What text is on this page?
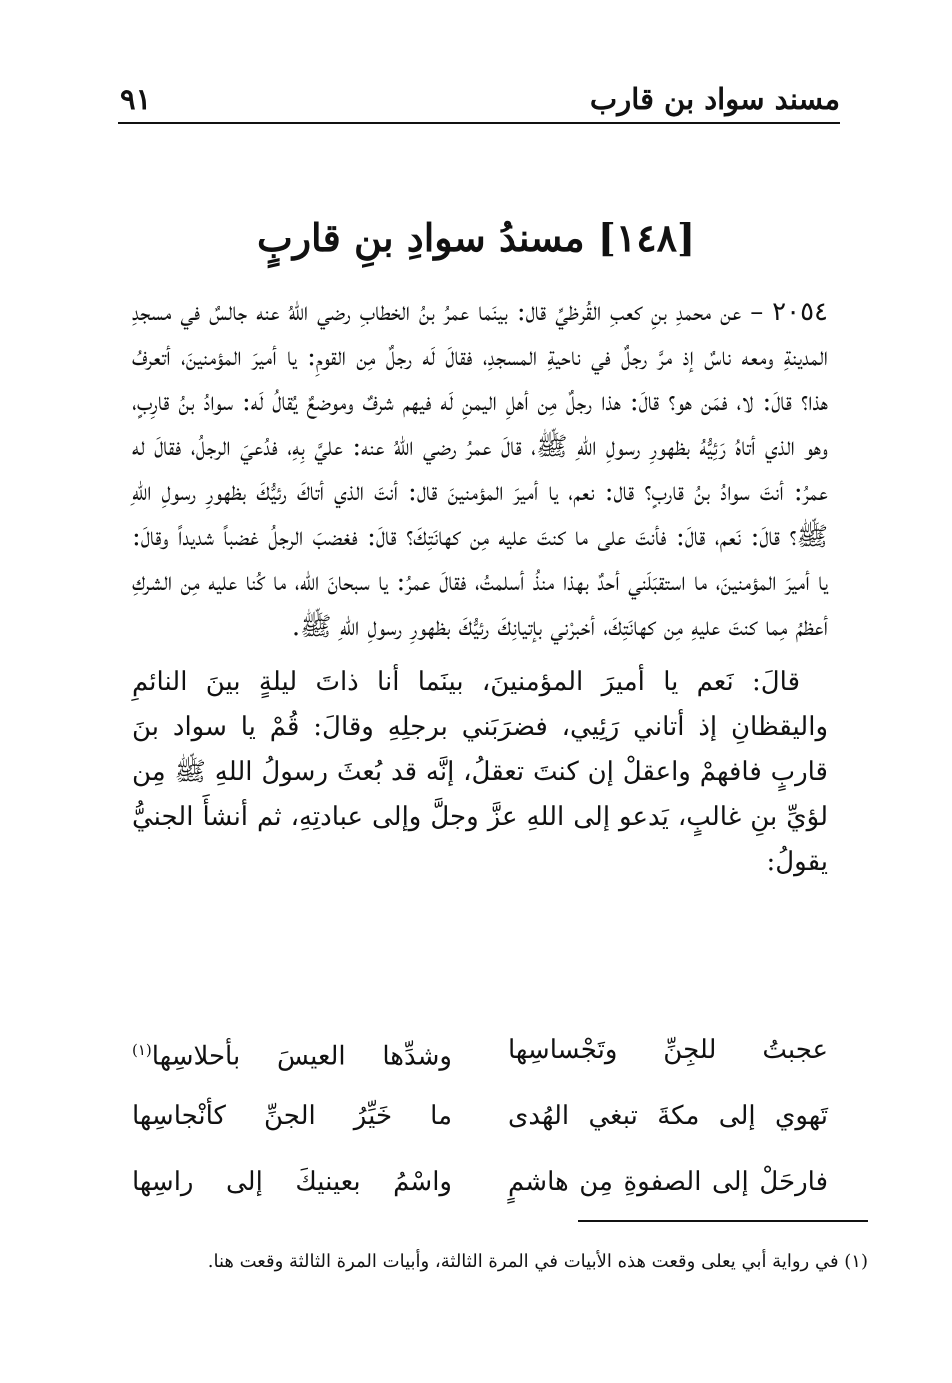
مسند سواد بن قارب
٩١
[١٤٨] مسندُ سوادِ بنِ قاربٍ

٢٠٥٤ – عن محمدِ بنِ كعبِ القُرظيِّ قال: بينَما عمرُ بنُ الخطابِ رضي اللهُ عنه جالسٌ في مسجدِ المدينةِ ومعه ناسٌ إذ مرَّ رجلٌ في ناحيةِ المسجدِ، فقالَ لَه رجلٌ مِن القومِ: يا أميرَ المؤمنينَ، أتعرفُ هذا؟ قالَ: لا، فمَن هو؟ قالَ: هذا رجلٌ مِن أهلِ اليمنِ لَه فيهم شرفٌ وموضعٌ يُقالُ لَه: سوادُ بنُ قارِبٍ، وهو الذي أتاهُ رَئِيُّهُ بظهورِ رسولِ اللهِ ﷺ، قالَ عمرُ رضي اللهُ عنه: عليَّ بِهِ، فدُعيَ الرجلُ، فقالَ له عمرُ: أنتَ سوادُ بنُ قاربٍ؟ قال: نعم، يا أميرَ المؤمنينَ قال: أنتَ الذي أتاكَ رئيُّكَ بظهورِ رسولِ اللهِ ﷺ؟ قالَ: نَعم، قالَ: فأنتَ على ما كنتَ عليه مِن كهانَتِكَ؟ قالَ: فغضبَ الرجلُ غضباً شديداً وقالَ: يا أميرَ المؤمنينَ، ما استقبَلَني أحدٌ بهذا منذُ أسلمتُ، فقالَ عمرُ: يا سبحانَ الله، ما كُنا عليه مِن الشركِ أعظمُ مِما كنتَ عليهِ مِن كهانَتِكَ، أخبرْني بإتيانِكَ رئيُّكَ بظهورِ رسولِ اللهِ ﷺ.

قالَ: نَعم يا أميرَ المؤمنينَ، بينَما أنا ذاتَ ليلةٍ بينَ النائمِ واليقظانِ إذ أتاني رَئِيي، فضرَبَني برجلِهِ وقالَ: قُمْ يا سواد بنَ قاربٍ فافهمْ واعقلْ إن كنتَ تعقلُ، إنَّه قد بُعثَ رسولُ اللهِ ﷺ مِن لؤيِّ بنِ غالبٍ، يَدعو إلى اللهِ عزَّ وجلَّ وإلى عبادتِهِ، ثم أنشأَ الجنيُّ يقولُ:

عجبتُ للجِنِّ وتَجْساسِها
وشدِّها العيسَ بأحلاسِها$^{(١)}$
تَهوي إلى مكةَ تبغي الهُدى
ما خَيِّرُ الجنِّ كأنْجاسِها
فارحَلْ إلى الصفوةِ مِن هاشمٍ
واسْمُ بعينيكَ إلى راسِها
(١) في رواية أبي يعلى وقعت هذه الأبيات في المرة الثالثة، وأبيات المرة الثالثة وقعت هنا.
